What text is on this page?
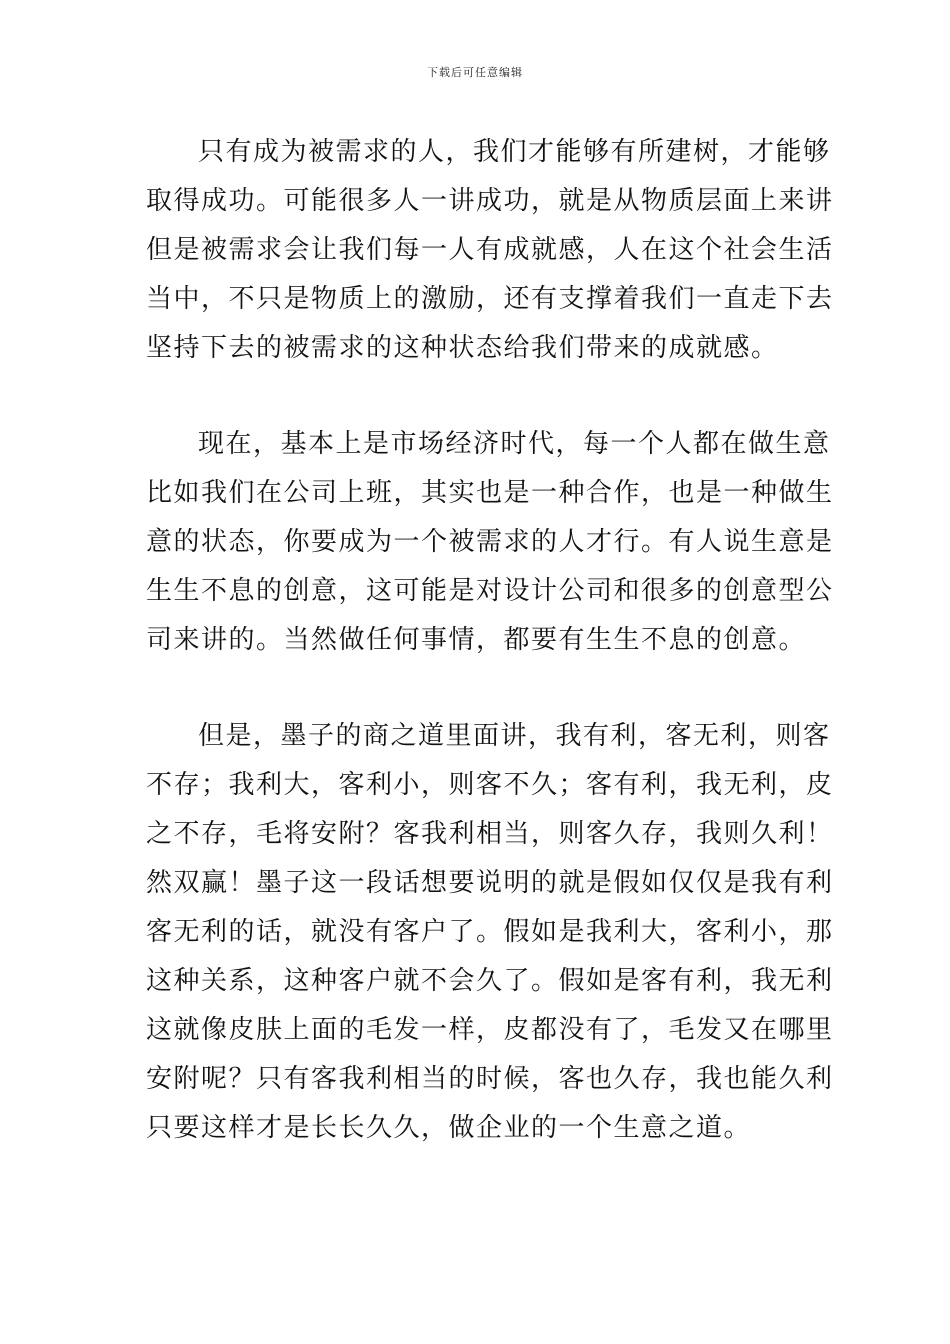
下载后可任意编辑
只有成为被需求的人，我们才能够有所建树，才能够
取得成功。可能很多人一讲成功，就是从物质层面上来讲
但是被需求会让我们每一人有成就感，人在这个社会生活
当中，不只是物质上的激励，还有支撑着我们一直走下去
坚持下去的被需求的这种状态给我们带来的成就感。
现在，基本上是市场经济时代，每一个人都在做生意
比如我们在公司上班，其实也是一种合作，也是一种做生
意的状态，你要成为一个被需求的人才行。有人说生意是
生生不息的创意，这可能是对设计公司和很多的创意型公
司来讲的。当然做任何事情，都要有生生不息的创意。
但是，墨子的商之道里面讲，我有利，客无利，则客
不存；我利大，客利小，则客不久；客有利，我无利，皮
之不存，毛将安附？客我利相当，则客久存，我则久利！
然双赢！墨子这一段话想要说明的就是假如仅仅是我有利
客无利的话，就没有客户了。假如是我利大，客利小，那
这种关系，这种客户就不会久了。假如是客有利，我无利
这就像皮肤上面的毛发一样，皮都没有了，毛发又在哪里
安附呢？只有客我利相当的时候，客也久存，我也能久利
只要这样才是长长久久，做企业的一个生意之道。
